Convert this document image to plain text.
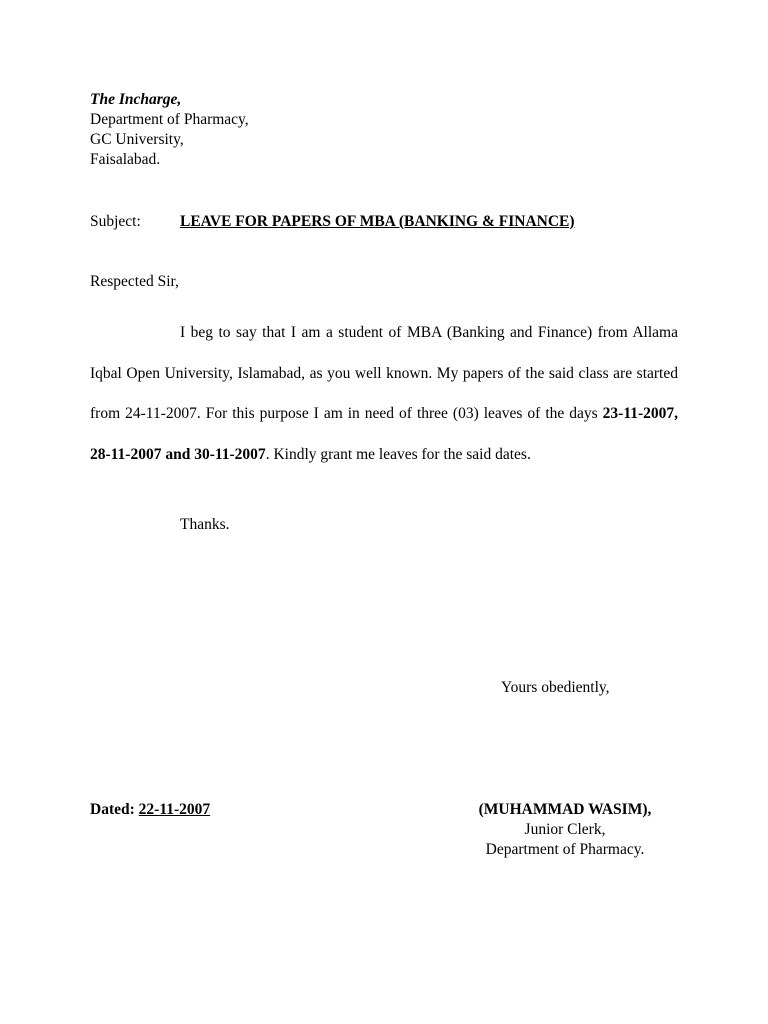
The Incharge,
Department of Pharmacy,
GC University,
Faisalabad.
Subject:	LEAVE FOR PAPERS OF MBA (BANKING & FINANCE)
Respected Sir,
I beg to say that I am a student of MBA (Banking and Finance) from Allama Iqbal Open University, Islamabad, as you well known. My papers of the said class are started from 24-11-2007. For this purpose I am in need of three (03) leaves of the days 23-11-2007, 28-11-2007 and 30-11-2007. Kindly grant me leaves for the said dates.
Thanks.
Yours obediently,
Dated: 22-11-2007	(MUHAMMAD WASIM),
Junior Clerk,
Department of Pharmacy.
